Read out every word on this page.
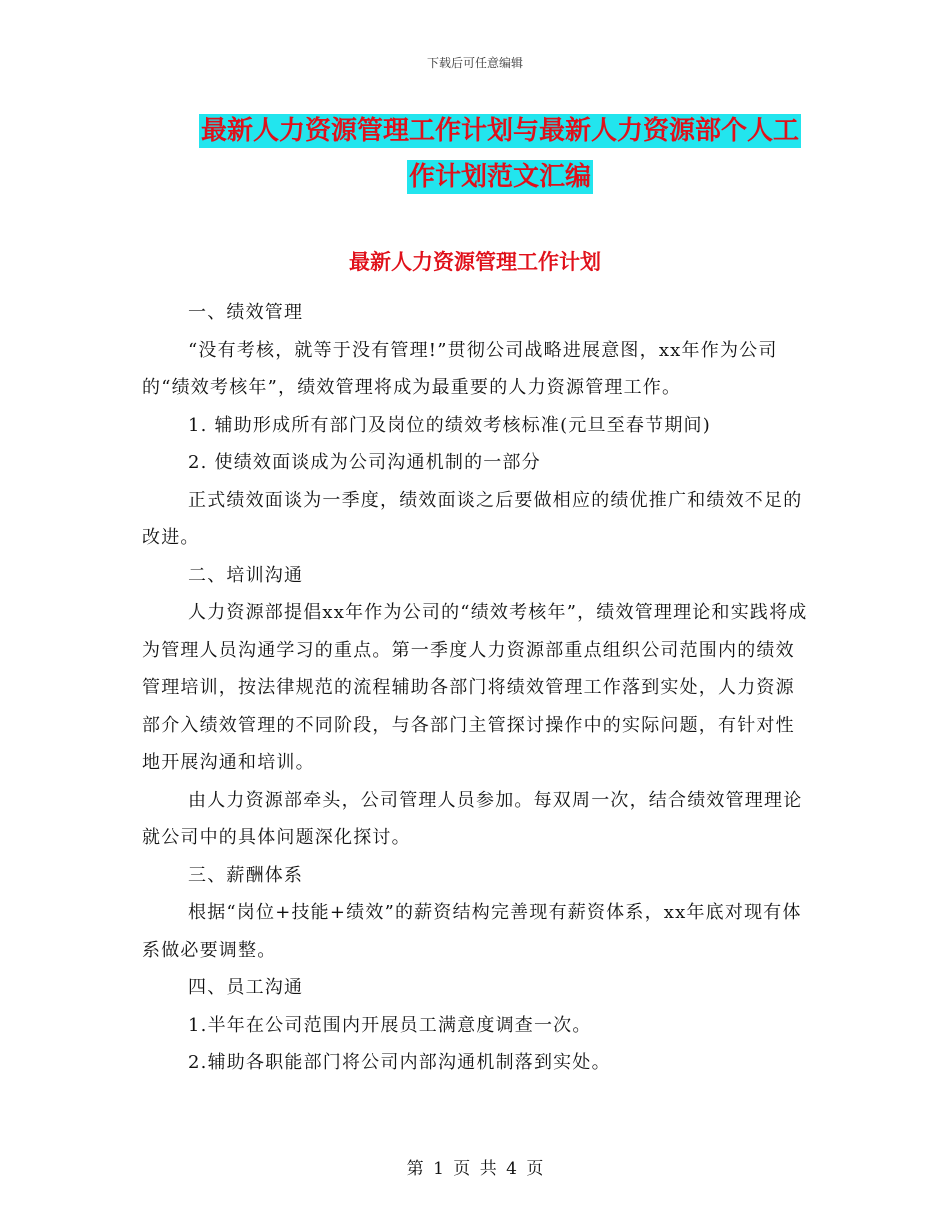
下载后可任意编辑
最新人力资源管理工作计划与最新人力资源部个人工
作计划范文汇编
最新人力资源管理工作计划

一、绩效管理

“没有考核，就等于没有管理!”贯彻公司战略进展意图，xx年作为公司的“绩效考核年”，绩效管理将成为最重要的人力资源管理工作。

1. 辅助形成所有部门及岗位的绩效考核标准(元旦至春节期间)

2. 使绩效面谈成为公司沟通机制的一部分

正式绩效面谈为一季度，绩效面谈之后要做相应的绩优推广和绩效不足的改进。

二、培训沟通

人力资源部提倡xx年作为公司的“绩效考核年”，绩效管理理论和实践将成为管理人员沟通学习的重点。第一季度人力资源部重点组织公司范围内的绩效管理培训，按法律规范的流程辅助各部门将绩效管理工作落到实处，人力资源部介入绩效管理的不同阶段，与各部门主管探讨操作中的实际问题，有针对性地开展沟通和培训。

由人力资源部牵头，公司管理人员参加。每双周一次，结合绩效管理理论就公司中的具体问题深化探讨。

三、薪酬体系

根据“岗位+技能+绩效”的薪资结构完善现有薪资体系，xx年底对现有体系做必要调整。

四、员工沟通

1.半年在公司范围内开展员工满意度调查一次。

2.辅助各职能部门将公司内部沟通机制落到实处。

第 1 页 共 4 页
